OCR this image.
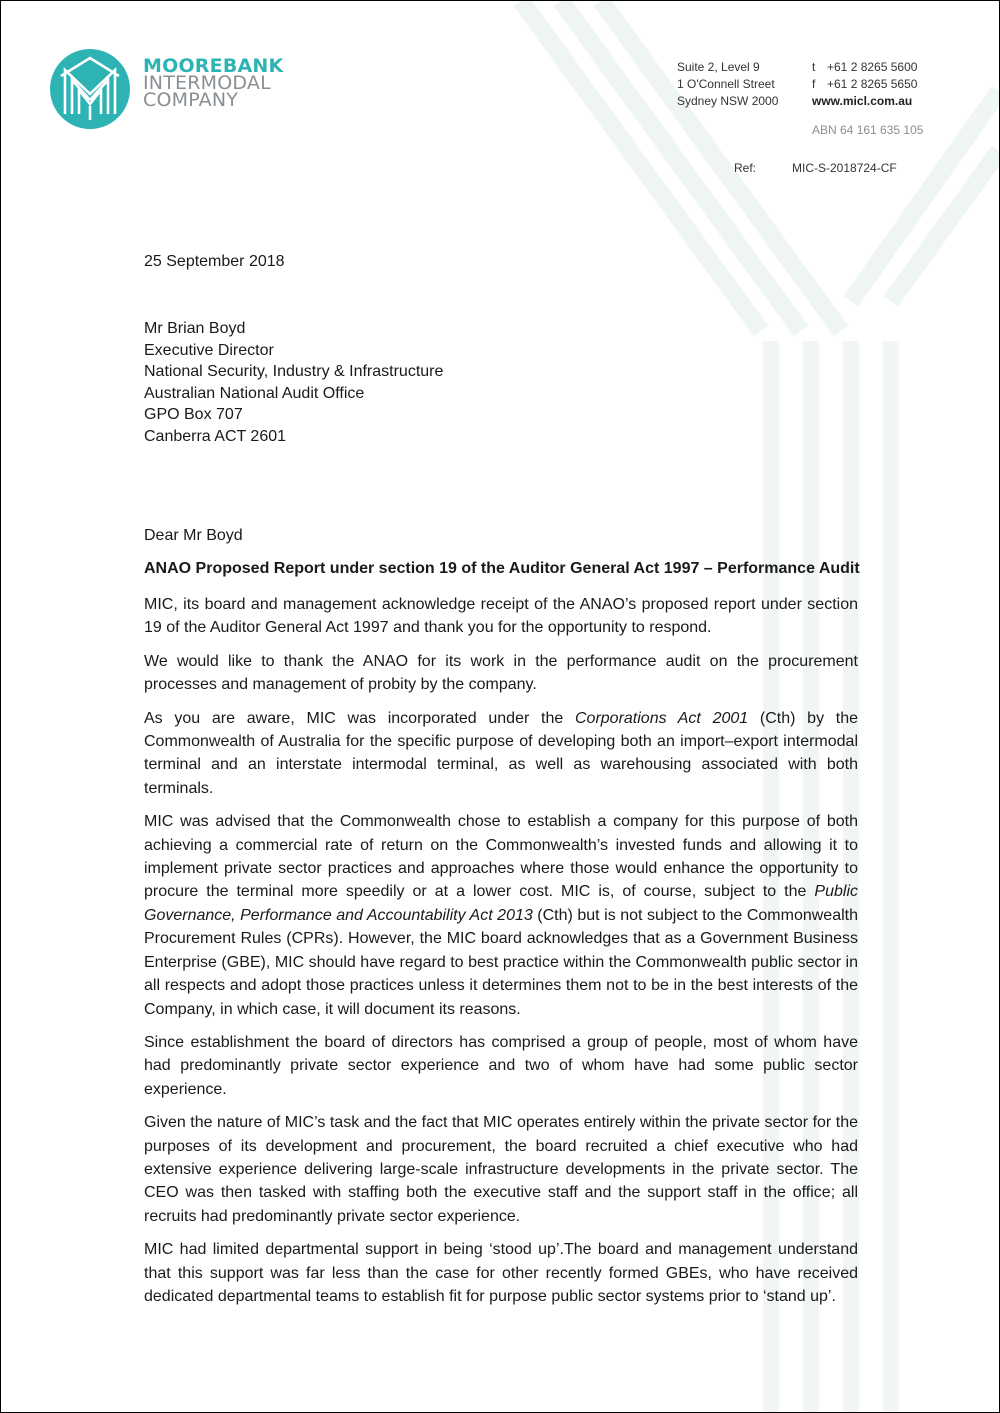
MOOREBANK
INTERMODAL
COMPANY
Suite 2, Level 9
1 O'Connell Street
Sydney NSW 2000
t +61 2 8265 5600
f +61 2 8265 5650
www.micl.com.au
ABN 64 161 635 105
Ref:	MIC-S-2018724-CF
25 September 2018
Mr Brian Boyd
Executive Director
National Security, Industry & Infrastructure
Australian National Audit Office
GPO Box 707
Canberra ACT 2601
Dear Mr Boyd
ANAO Proposed Report under section 19 of the Auditor General Act 1997 – Performance Audit

MIC, its board and management acknowledge receipt of the ANAO’s proposed report under section 19 of the Auditor General Act 1997 and thank you for the opportunity to respond.

We would like to thank the ANAO for its work in the performance audit on the procurement processes and management of probity by the company.

As you are aware, MIC was incorporated under the Corporations Act 2001 (Cth) by the Commonwealth of Australia for the specific purpose of developing both an import–export intermodal terminal and an interstate intermodal terminal, as well as warehousing associated with both terminals.

MIC was advised that the Commonwealth chose to establish a company for this purpose of both achieving a commercial rate of return on the Commonwealth’s invested funds and allowing it to implement private sector practices and approaches where those would enhance the opportunity to procure the terminal more speedily or at a lower cost. MIC is, of course, subject to the Public Governance, Performance and Accountability Act 2013 (Cth) but is not subject to the Commonwealth Procurement Rules (CPRs). However, the MIC board acknowledges that as a Government Business Enterprise (GBE), MIC should have regard to best practice within the Commonwealth public sector in all respects and adopt those practices unless it determines them not to be in the best interests of the Company, in which case, it will document its reasons.

Since establishment the board of directors has comprised a group of people, most of whom have had predominantly private sector experience and two of whom have had some public sector experience.

Given the nature of MIC’s task and the fact that MIC operates entirely within the private sector for the purposes of its development and procurement, the board recruited a chief executive who had extensive experience delivering large-scale infrastructure developments in the private sector. The CEO was then tasked with staffing both the executive staff and the support staff in the office; all recruits had predominantly private sector experience.

MIC had limited departmental support in being ‘stood up’.The board and management understand that this support was far less than the case for other recently formed GBEs, who have received dedicated departmental teams to establish fit for purpose public sector systems prior to ‘stand up’.
